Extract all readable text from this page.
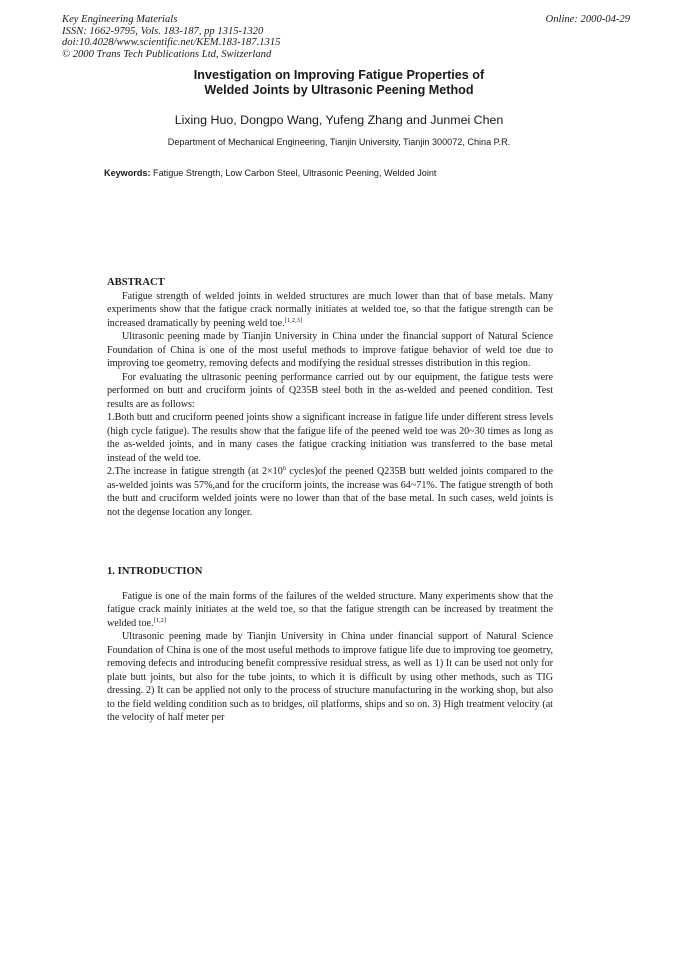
Key Engineering Materials
ISSN: 1662-9795, Vols. 183-187, pp 1315-1320
doi:10.4028/www.scientific.net/KEM.183-187.1315
© 2000 Trans Tech Publications Ltd, Switzerland
Online: 2000-04-29
Investigation on Improving Fatigue Properties of
Welded Joints by Ultrasonic Peening Method
Lixing Huo, Dongpo Wang, Yufeng Zhang and Junmei Chen
Department of Mechanical Engineering, Tianjin University, Tianjin 300072, China P.R.
Keywords: Fatigue Strength, Low Carbon Steel, Ultrasonic Peening, Welded Joint
ABSTRACT

Fatigue strength of welded joints in welded structures are much lower than that of base metals. Many experiments show that the fatigue crack normally initiates at welded toe, so that the fatigue strength can be increased dramatically by peening weld toe.[1,2,3]

Ultrasonic peening made by Tianjin University in China under the financial support of Natural Science Foundation of China is one of the most useful methods to improve fatigue behavior of weld toe due to improving toe geometry, removing defects and modifying the residual stresses distribution in this region.

For evaluating the ultrasonic peening performance carried out by our equipment, the fatigue tests were performed on butt and cruciform joints of Q235B steel both in the as-welded and peened condition. Test results are as follows:

1.Both butt and cruciform peened joints show a significant increase in fatigue life under different stress levels (high cycle fatigue). The results show that the fatigue life of the peened weld toe was 20~30 times as long as the as-welded joints, and in many cases the fatigue cracking initiation was transferred to the base metal instead of the weld toe.

2.The increase in fatigue strength (at $2\times 10^6$ cycles)of the peened Q235B butt welded joints compared to the as-welded joints was 57%,and for the cruciform joints, the increase was 64~71%. The fatigue strength of both the butt and cruciform welded joints were no lower than that of the base metal. In such cases, weld joints is not the degense location any longer.

1. INTRODUCTION

Fatigue is one of the main forms of the failures of the welded structure. Many experiments show that the fatigue crack mainly initiates at the weld toe, so that the fatigue strength can be increased by treatment the welded toe.[1,2]

Ultrasonic peening made by Tianjin University in China under financial support of Natural Science Foundation of China is one of the most useful methods to improve fatigue life due to improving toe geometry, removing defects and introducing benefit compressive residual stress, as well as 1) It can be used not only for plate butt joints, but also for the tube joints, to which it is difficult by using other methods, such as TIG dressing. 2) It can be applied not only to the process of structure manufacturing in the working shop, but also to the field welding condition such as to bridges, oil platforms, ships and so on. 3) High treatment velocity (at the velocity of half meter per
